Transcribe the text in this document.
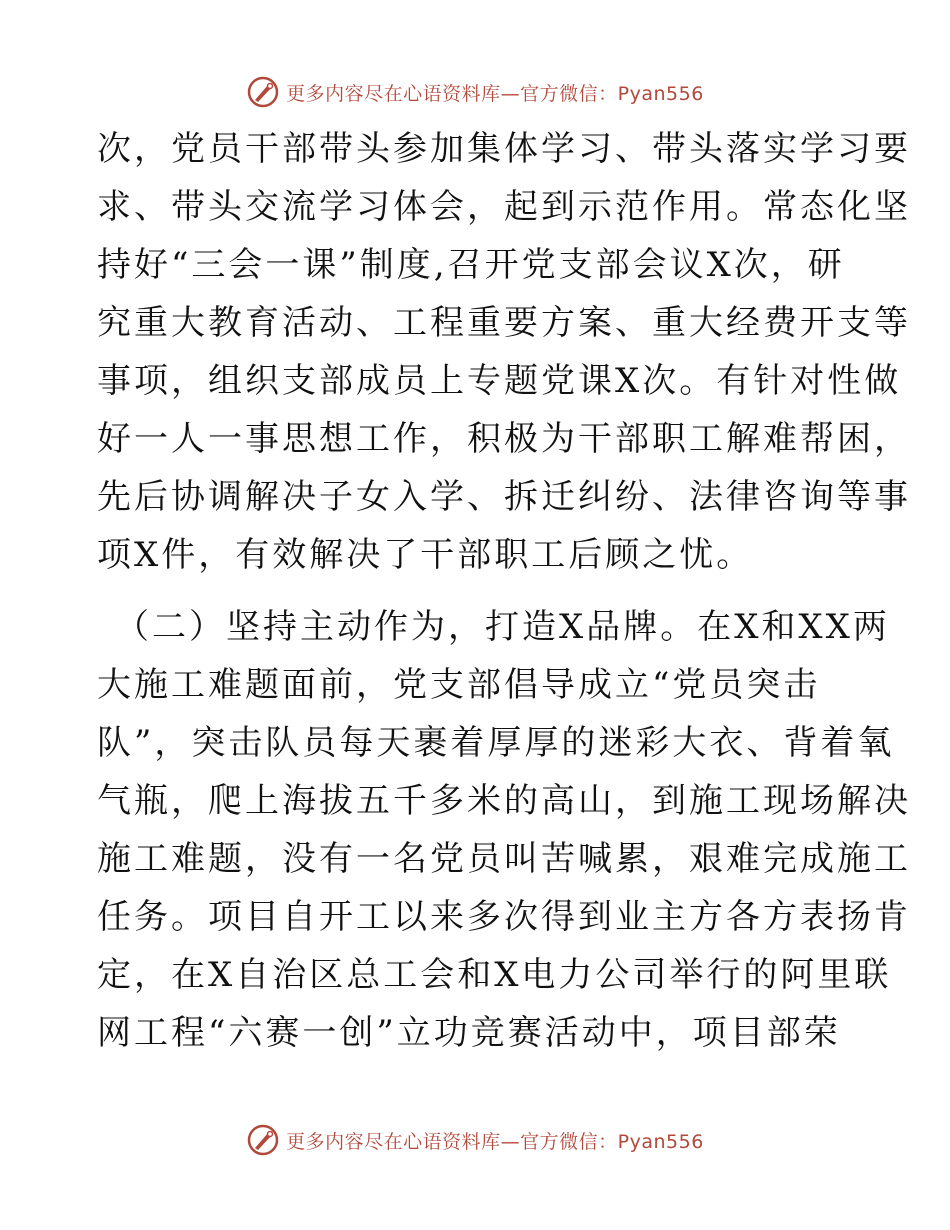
更多内容尽在心语资料库—官方微信：Pyan556
次，党员干部带头参加集体学习、带头落实学习要
求、带头交流学习体会，起到示范作用。常态化坚
持好“三会一课”制度,召开党支部会议X次，研
究重大教育活动、工程重要方案、重大经费开支等
事项，组织支部成员上专题党课X次。有针对性做
好一人一事思想工作，积极为干部职工解难帮困，
先后协调解决子女入学、拆迁纠纷、法律咨询等事
项X件，有效解决了干部职工后顾之忧。
（二）坚持主动作为，打造X品牌。在X和XX两
大施工难题面前，党支部倡导成立“党员突击
队”，突击队员每天裹着厚厚的迷彩大衣、背着氧
气瓶，爬上海拔五千多米的高山，到施工现场解决
施工难题，没有一名党员叫苦喊累，艰难完成施工
任务。项目自开工以来多次得到业主方各方表扬肯
定，在X自治区总工会和X电力公司举行的阿里联
网工程“六赛一创”立功竞赛活动中，项目部荣
更多内容尽在心语资料库—官方微信：Pyan556
